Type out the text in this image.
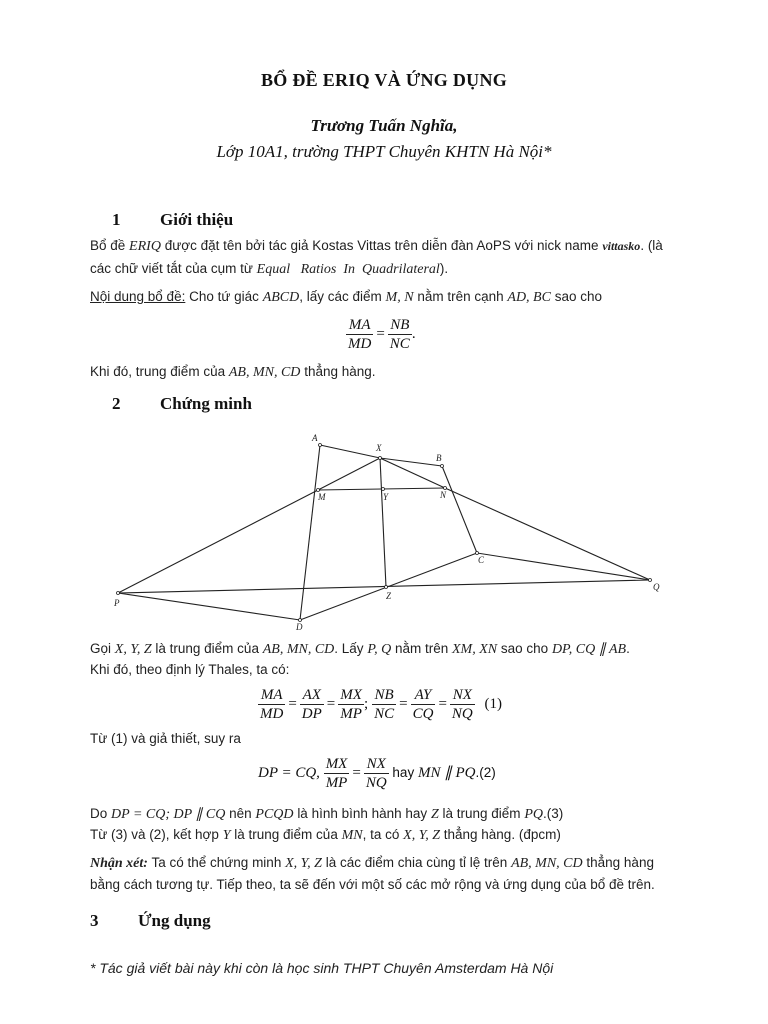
BỔ ĐỀ ERIQ VÀ ỨNG DỤNG
Trương Tuấn Nghĩa,
Lớp 10A1, trường THPT Chuyên KHTN Hà Nội*
1 Giới thiệu
Bổ đề ERIQ được đặt tên bởi tác giả Kostas Vittas trên diễn đàn AoPS với nick name vittasko. (là
các chữ viết tắt của cụm từ Equal   Ratios  In  Quadrilateral).
Nội dung bổ đề: Cho tứ giác ABCD, lấy các điểm M, N nằm trên cạnh AD, BC sao cho
$\frac{MA}{MD} = \frac{NB}{NC}$ .
Khi đó, trung điểm của AB, MN, CD thẳng hàng.
2 Chứng minh
A
X
B
M	Y	N
C
P
Z
Q
D
Gọi X, Y, Z là trung điểm của AB, MN, CD. Lấy P, Q nằm trên XM, XN sao cho DP, CQ ∥ AB.
Khi đó, theo định lý Thales, ta có:
$\frac{MA}{MD} = \frac{AX}{DP} = \frac{MX}{MP}$ ; $\frac{NB}{NC} = \frac{AY}{CQ} = \frac{NX}{NQ} (1)$
Từ (1) và giả thiết, suy ra
DP = CQ, $\frac{MX}{MP} = \frac{NX}{NQ}$ hay MN ∥ PQ.(2)
Do DP = CQ; DP ∥ CQ nên PCQD là hình bình hành hay Z là trung điểm PQ.(3)
Từ (3) và (2), kết hợp Y là trung điểm của MN, ta có X, Y, Z thẳng hàng. (đpcm)
Nhận xét: Ta có thể chứng minh X, Y, Z là các điểm chia cùng tỉ lệ trên AB, MN, CD thẳng hàng
bằng cách tương tự. Tiếp theo, ta sẽ đến với một số các mở rộng và ứng dụng của bổ đề trên.
3 Ứng dụng
* Tác giả viết bài này khi còn là học sinh THPT Chuyên Amsterdam Hà Nội
